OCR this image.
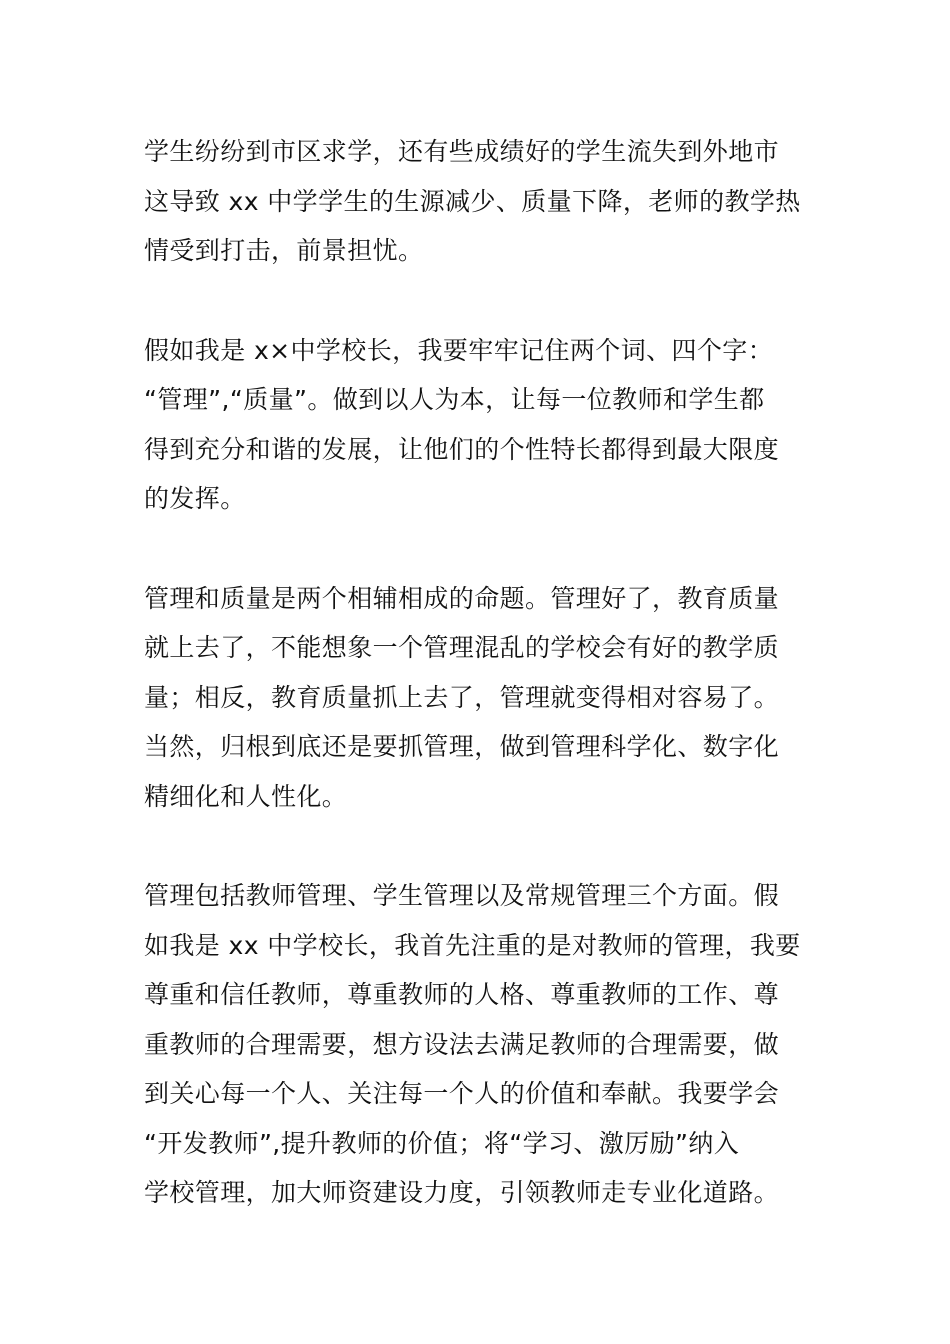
学生纷纷到市区求学，还有些成绩好的学生流失到外地市
这导致 xx 中学学生的生源减少、质量下降，老师的教学热
情受到打击，前景担忧。
假如我是 x×中学校长，我要牢牢记住两个词、四个字：
“管理”,“质量”。做到以人为本，让每一位教师和学生都
得到充分和谐的发展，让他们的个性特长都得到最大限度
的发挥。
管理和质量是两个相辅相成的命题。管理好了，教育质量
就上去了，不能想象一个管理混乱的学校会有好的教学质
量；相反，教育质量抓上去了，管理就变得相对容易了。
当然，归根到底还是要抓管理，做到管理科学化、数字化
精细化和人性化。
管理包括教师管理、学生管理以及常规管理三个方面。假
如我是 xx 中学校长，我首先注重的是对教师的管理，我要
尊重和信任教师，尊重教师的人格、尊重教师的工作、尊
重教师的合理需要，想方设法去满足教师的合理需要，做
到关心每一个人、关注每一个人的价值和奉献。我要学会
“开发教师”,提升教师的价值；将“学习、激厉励”纳入
学校管理，加大师资建设力度，引领教师走专业化道路。
